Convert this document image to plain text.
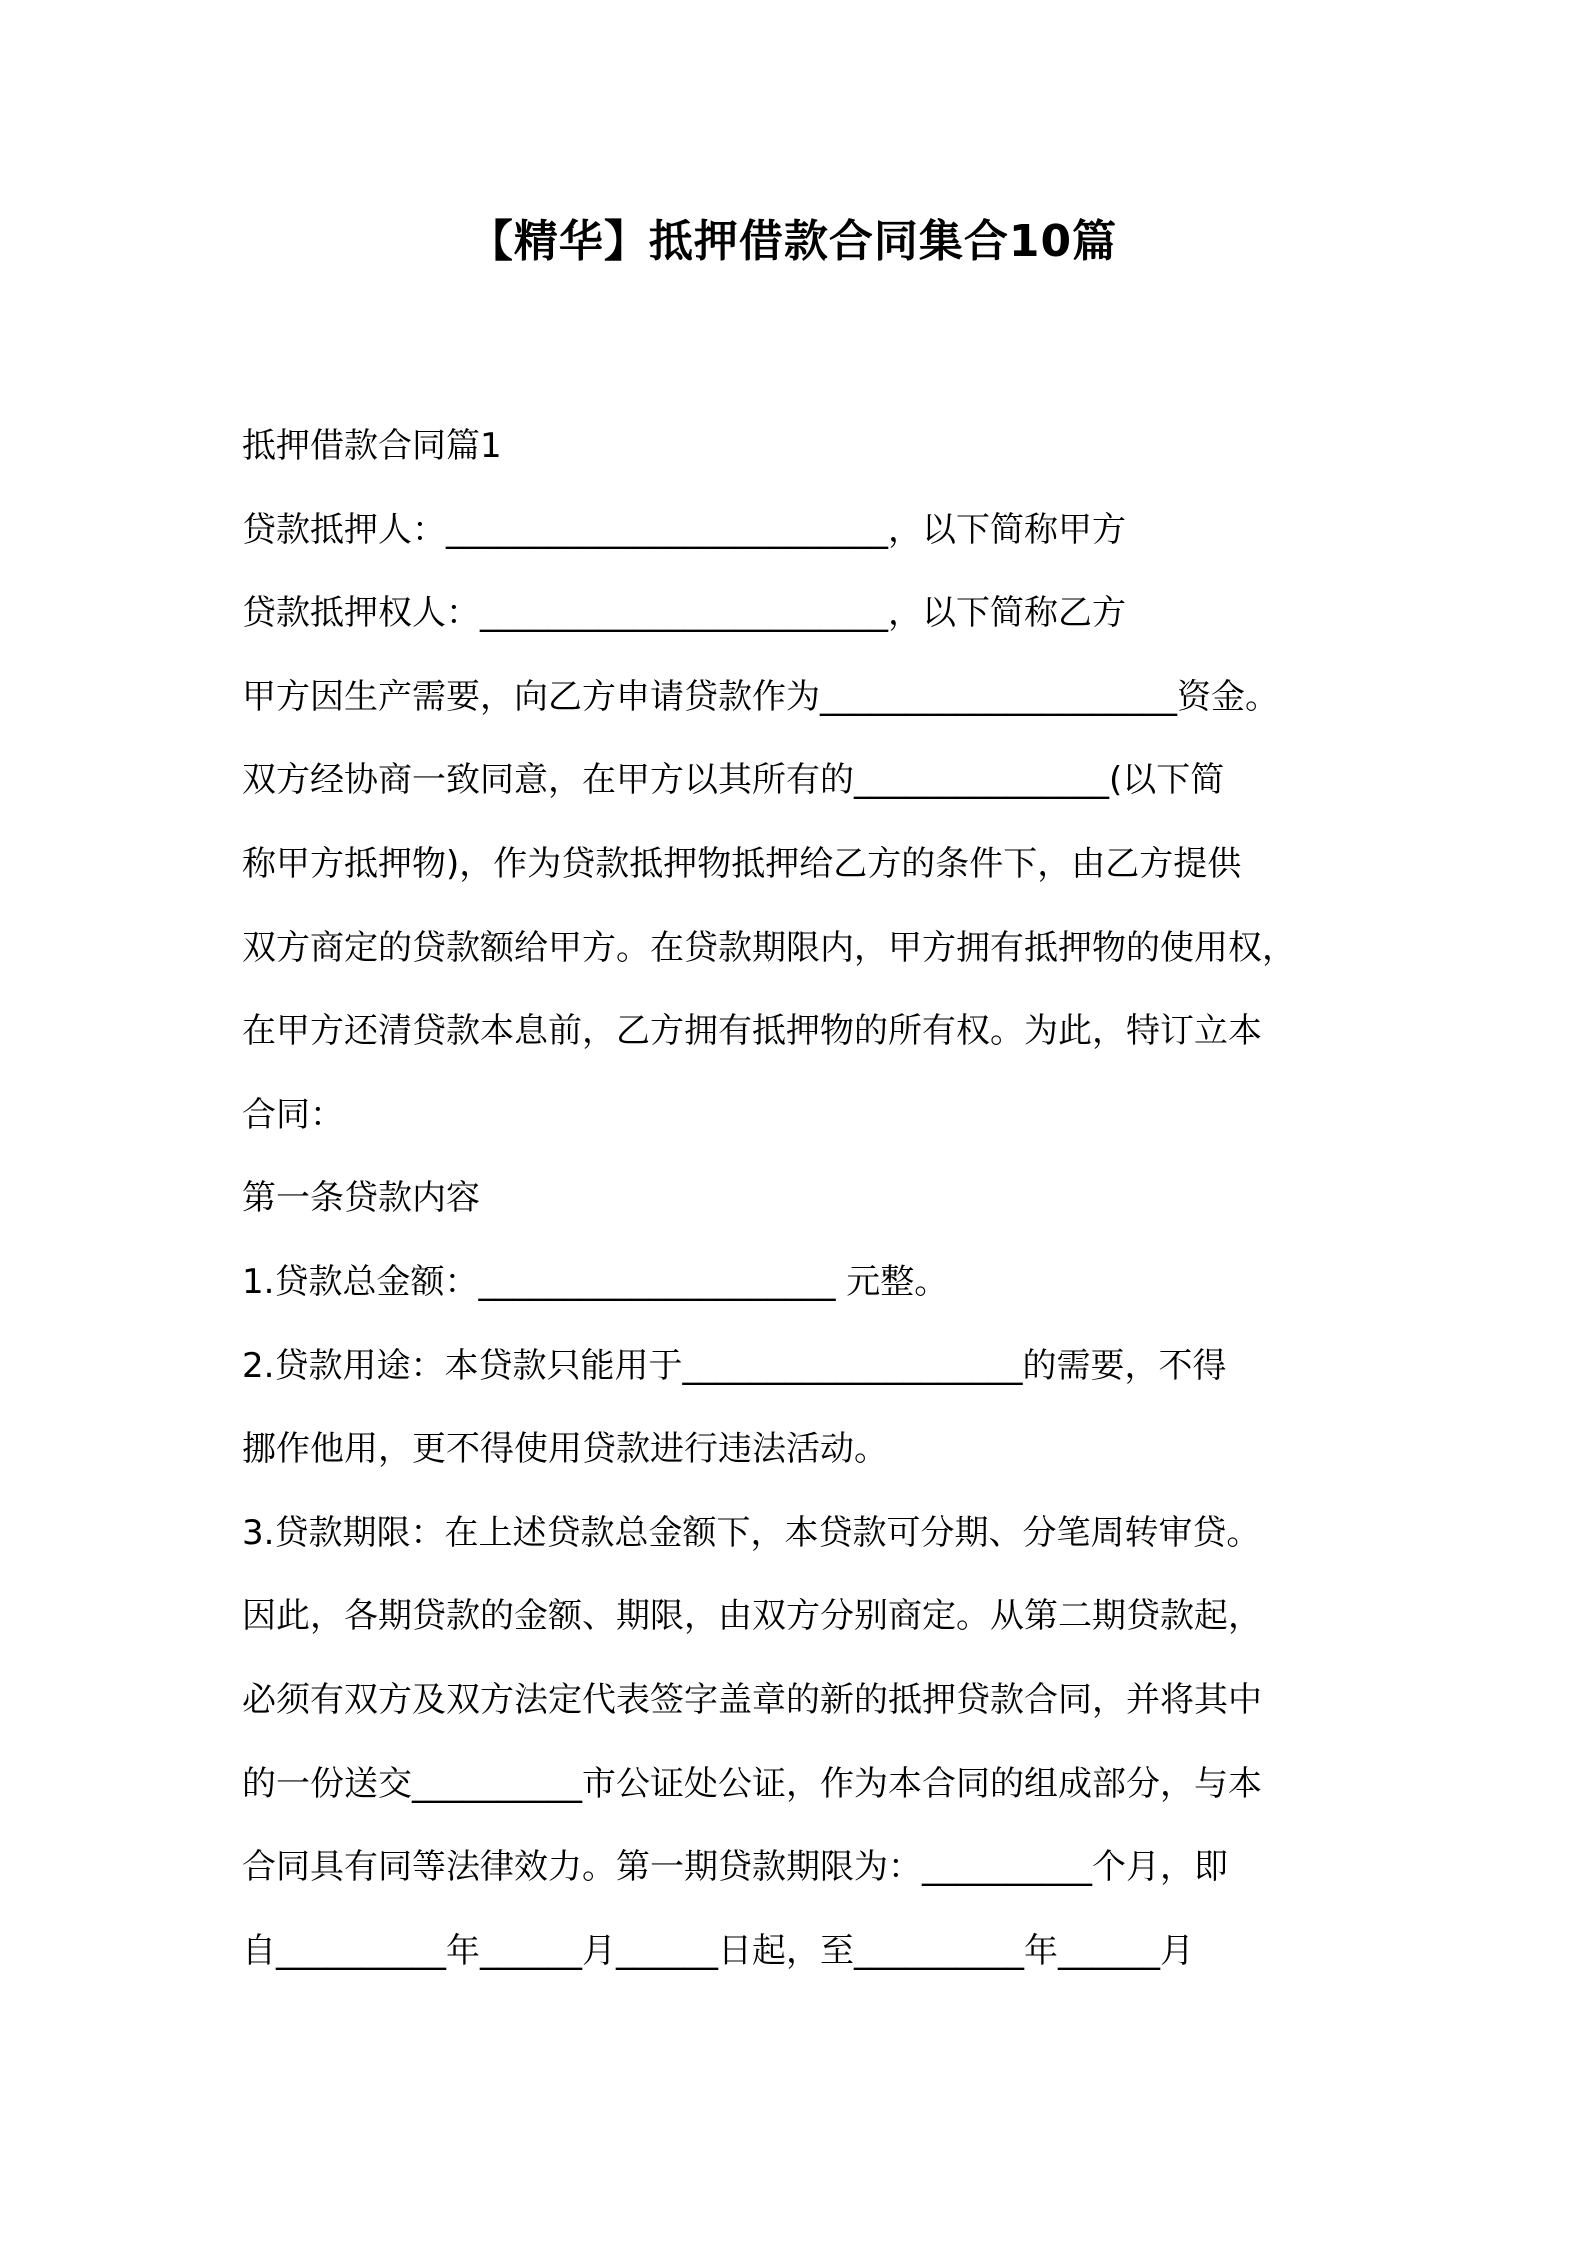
【精华】抵押借款合同集合10篇

抵押借款合同篇1

贷款抵押人：__________________________，以下简称甲方

贷款抵押权人：________________________，以下简称乙方

甲方因生产需要，向乙方申请贷款作为_____________________资金。

双方经协商一致同意，在甲方以其所有的_______________(以下简

称甲方抵押物)，作为贷款抵押物抵押给乙方的条件下，由乙方提供

双方商定的贷款额给甲方。在贷款期限内，甲方拥有抵押物的使用权，

在甲方还清贷款本息前，乙方拥有抵押物的所有权。为此，特订立本

合同：

第一条贷款内容

1.贷款总金额：_____________________ 元整。

2.贷款用途：本贷款只能用于____________________的需要，不得

挪作他用，更不得使用贷款进行违法活动。

3.贷款期限：在上述贷款总金额下，本贷款可分期、分笔周转审贷。

因此，各期贷款的金额、期限，由双方分别商定。从第二期贷款起，

必须有双方及双方法定代表签字盖章的新的抵押贷款合同，并将其中

的一份送交__________市公证处公证，作为本合同的组成部分，与本

合同具有同等法律效力。第一期贷款期限为：__________个月，即

自__________年______月______日起，至__________年______月
